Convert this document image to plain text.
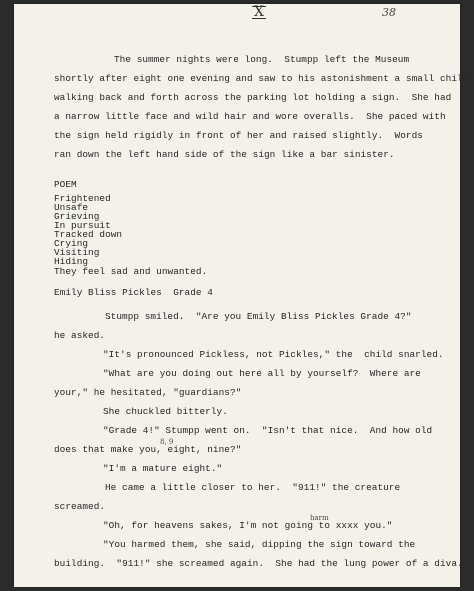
X	38
The summer nights were long.  Stumpp left the Museum
shortly after eight one evening and saw to his astonishment a small child
walking back and forth across the parking lot holding a sign.  She had
a narrow little face and wild hair and wore overalls.  She paced with
the sign held rigidly in front of her and raised slightly.  Words
ran down the left hand side of the sign like a bar sinister.
POEM
Frightened
Unsafe
Grieving
In pursuit
Tracked down
Crying
Visiting
Hiding
They feel sad and unwanted.
Emily Bliss Pickles  Grade 4
Stumpp smiled.  "Are you Emily Bliss Pickles Grade 4?"
he asked.
"It's pronounced Pickless, not Pickles," the  child snarled.
"What are you doing out here all by yourself?  Where are
your," he hesitated, "guardians?"
She chuckled bitterly.
"Grade 4!" Stumpp went on.  "Isn't that nice.  And how old
8, 9
does that make you, eight, nine?"
"I'm a mature eight."
He came a little closer to her.  "911!" the creature
screamed.
harm
"Oh, for heavens sakes, I'm not going to xxxx you."
"You harmed them, she said, dipping the sign toward the
building.  "911!" she screamed again.  She had the lung power of a diva.
